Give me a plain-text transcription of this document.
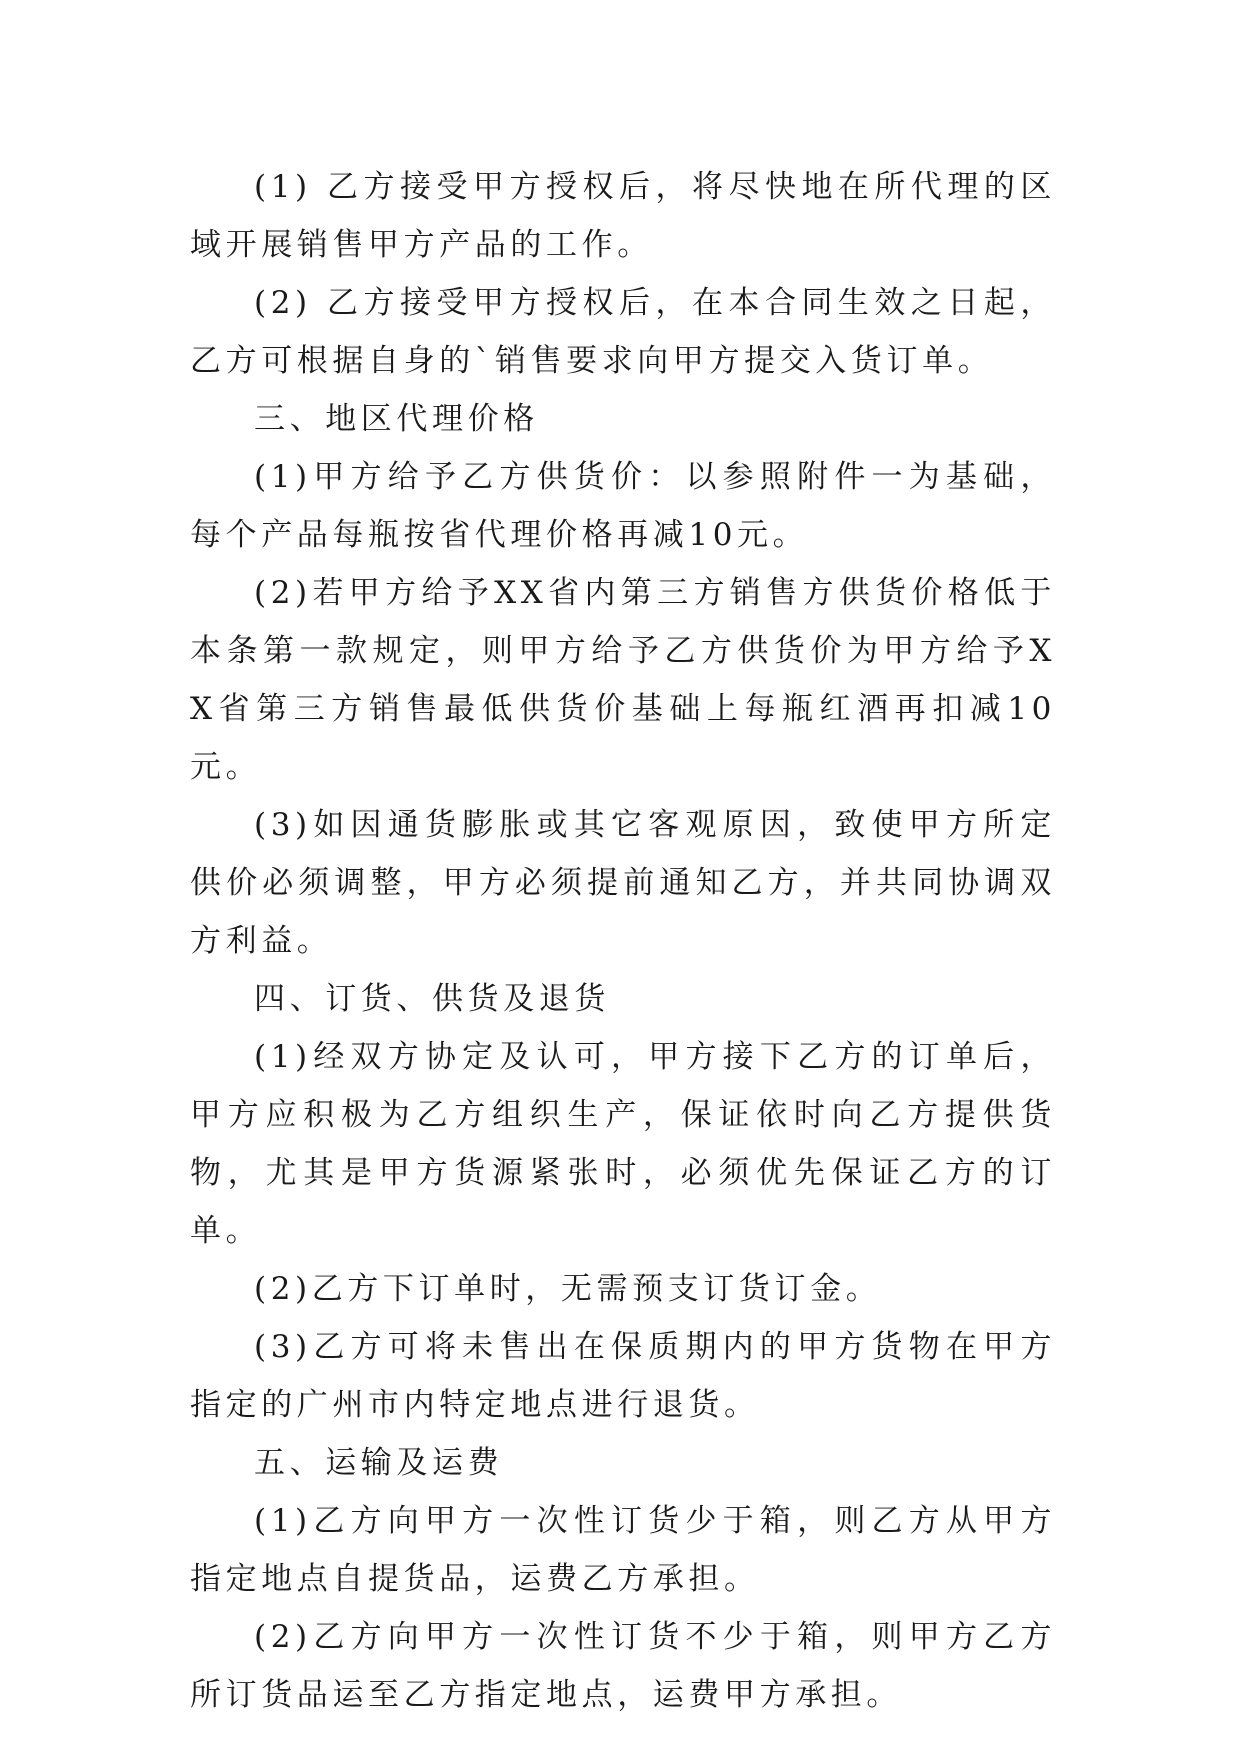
(1) 乙方接受甲方授权后，将尽快地在所代理的区域开展销售甲方产品的工作。

(2) 乙方接受甲方授权后，在本合同生效之日起，乙方可根据自身的`销售要求向甲方提交入货订单。

三、地区代理价格

(1)甲方给予乙方供货价：以参照附件一为基础，每个产品每瓶按省代理价格再减10元。

(2)若甲方给予XX省内第三方销售方供货价格低于本条第一款规定，则甲方给予乙方供货价为甲方给予XX省第三方销售最低供货价基础上每瓶红酒再扣减10元。

(3)如因通货膨胀或其它客观原因，致使甲方所定供价必须调整，甲方必须提前通知乙方，并共同协调双方利益。

四、订货、供货及退货

(1)经双方协定及认可，甲方接下乙方的订单后，甲方应积极为乙方组织生产，保证依时向乙方提供货物，尤其是甲方货源紧张时，必须优先保证乙方的订单。

(2)乙方下订单时，无需预支订货订金。

(3)乙方可将未售出在保质期内的甲方货物在甲方指定的广州市内特定地点进行退货。

五、运输及运费

(1)乙方向甲方一次性订货少于箱，则乙方从甲方指定地点自提货品，运费乙方承担。

(2)乙方向甲方一次性订货不少于箱，则甲方乙方所订货品运至乙方指定地点，运费甲方承担。
